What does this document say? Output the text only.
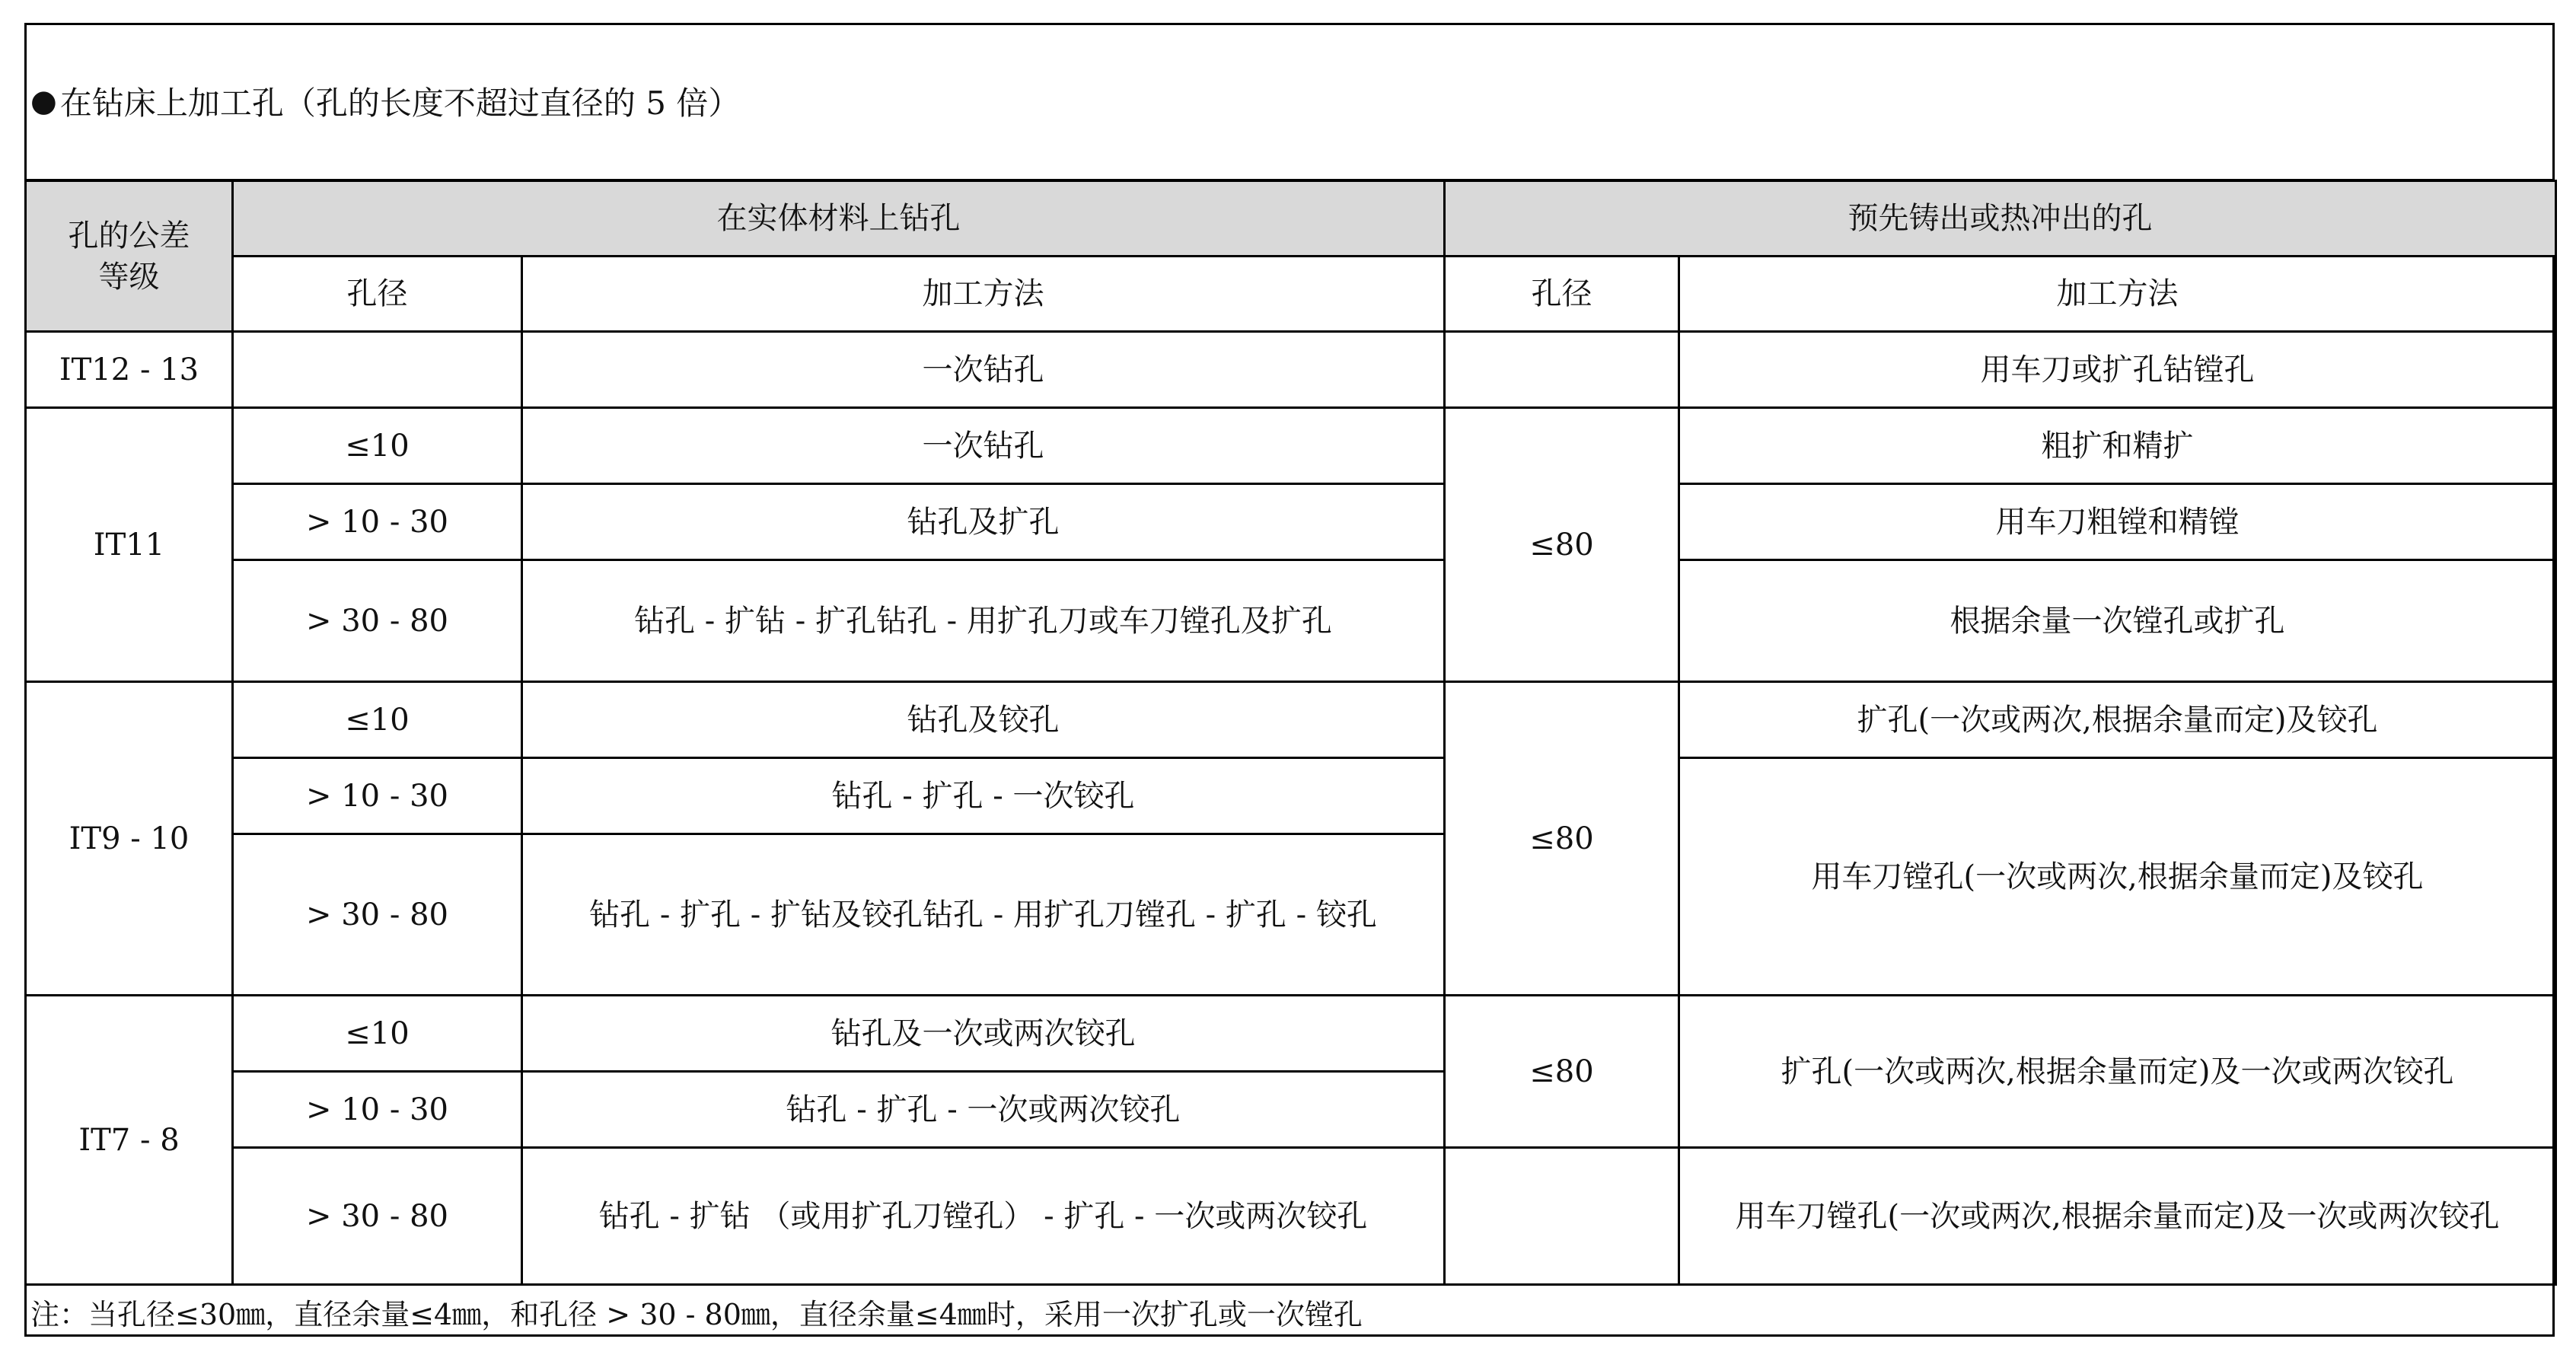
● 在钻床上加工孔（孔的长度不超过直径的 5 倍）
孔的公差等级	在实体材料上钻孔		预先铸出或热冲出的孔	
	孔径	加工方法	孔径	加工方法
IT12 - 13		一次钻孔		用车刀或扩孔钻镗孔
IT11	≤10	一次钻孔	≤80	粗扩和精扩
	> 10 - 30	钻孔及扩孔		用车刀粗镗和精镗
	> 30 - 80	钻孔 - 扩钻 - 扩孔钻孔 - 用扩孔刀或车刀镗孔及扩孔		根据余量一次镗孔或扩孔
IT9 - 10	≤10	钻孔及铰孔	≤80	扩孔(一次或两次,根据余量而定)及铰孔
	> 10 - 30	钻孔 - 扩孔 - 一次铰孔		用车刀镗孔(一次或两次,根据余量而定)及铰孔
	> 30 - 80	钻孔 - 扩孔 - 扩钻及铰孔钻孔 - 用扩孔刀镗孔 - 扩孔 - 铰孔		
IT7 - 8	≤10	钻孔及一次或两次铰孔	≤80	扩孔(一次或两次,根据余量而定)及一次或两次铰孔
	> 10 - 30	钻孔 - 扩孔 - 一次或两次铰孔		
	> 30 - 80	钻孔 - 扩钻 （或用扩孔刀镗孔） - 扩孔 - 一次或两次铰孔		用车刀镗孔(一次或两次,根据余量而定)及一次或两次铰孔
注：当孔径≤30㎜，直径余量≤4㎜，和孔径 > 30 - 80㎜，直径余量≤4㎜时，采用一次扩孔或一次镗孔
